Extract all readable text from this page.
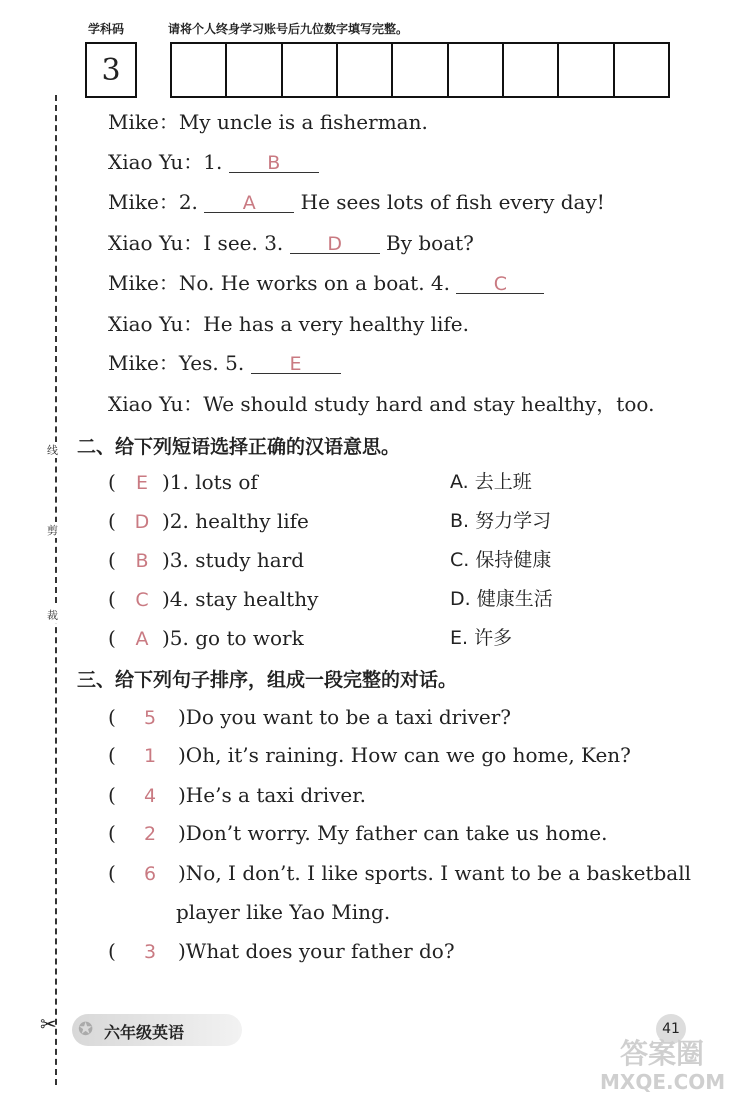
学科码	请将个人终身学习账号后九位数字填写完整。
3
线
剪
裁
✂
Mike：My uncle is a fisherman.
Xiao Yu：1. B
Mike：2. A He sees lots of fish every day!
Xiao Yu：I see. 3. D By boat?
Mike：No. He works on a boat. 4. C
Xiao Yu：He has a very healthy life.
Mike：Yes. 5. E
Xiao Yu：We should study hard and stay healthy，too.
二、给下列短语选择正确的汉语意思。
( E )1. lots of	A. 去上班
( D )2. healthy life	B. 努力学习
( B )3. study hard	C. 保持健康
( C )4. stay healthy	D. 健康生活
( A )5. go to work	E. 许多
三、给下列句子排序，组成一段完整的对话。
( 5 )Do you want to be a taxi driver?
( 1 )Oh, it’s raining. How can we go home, Ken?
( 4 )He’s a taxi driver.
( 2 )Don’t worry. My father can take us home.
( 6 )No, I don’t. I like sports. I want to be a basketball
player like Yao Ming.
( 3 )What does your father do?
✪ 六年级英语	41
答案圈
MXQE.COM
